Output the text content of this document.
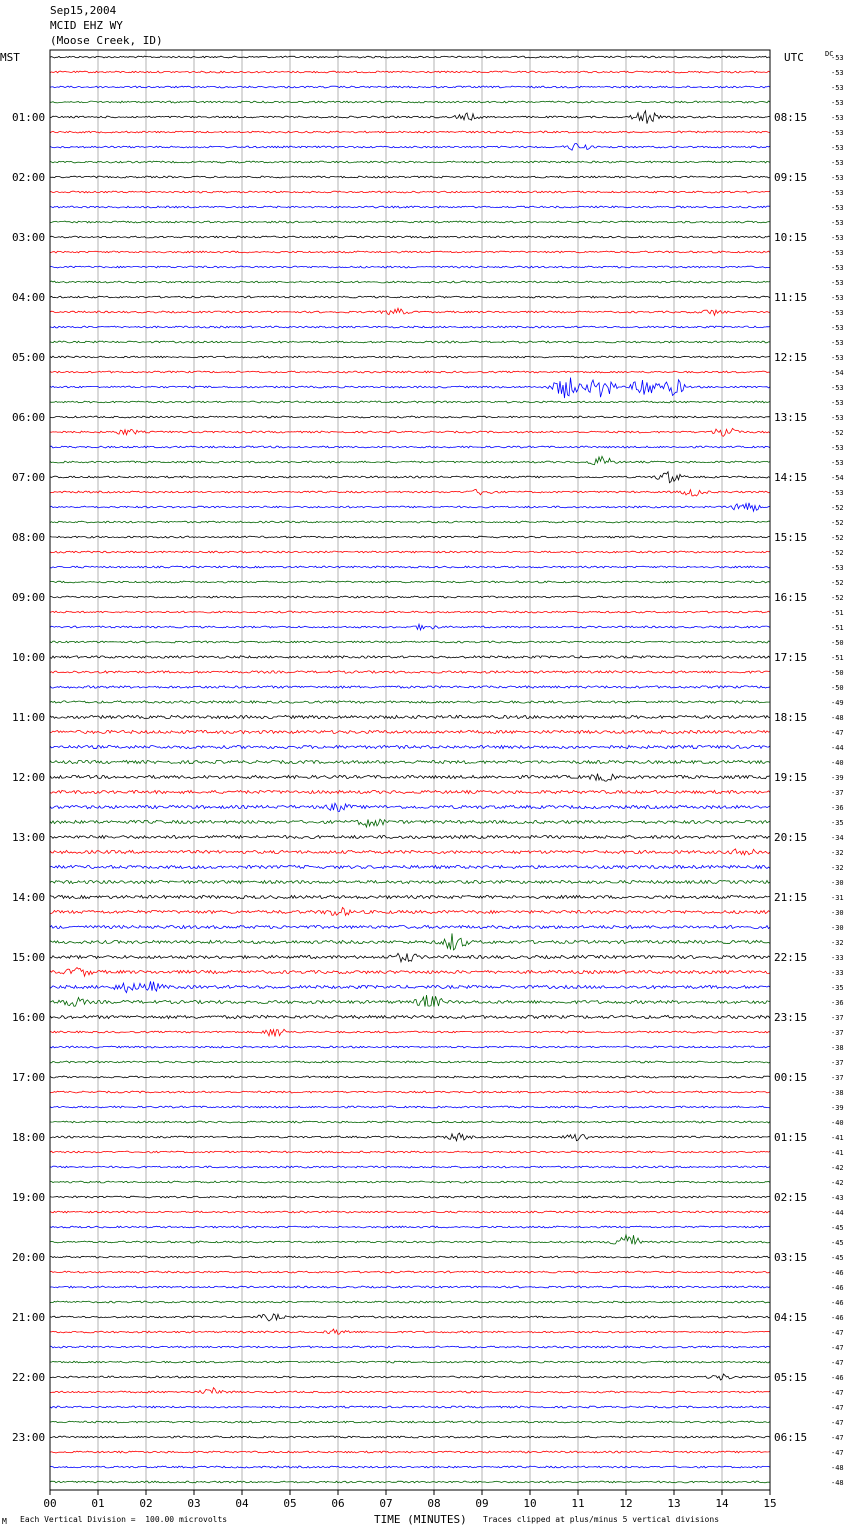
Sep15,2004
MCID EHZ WY
(Moose Creek, ID)
00	01	02	03	04	05	06	07	08	09	10	11	12	13	14	15
-53
-53
-53
-53
-53
-53
-53
-53
-53
-53
-53
-53
-53
-53
-53
-53
-53
-53
-53
-53
-53
-54
-53
-53
-53
-52
-53
-53
-54
-53
-52
-52
-52
-52
-53
-52
-52
-51
-51
-50
-51
-50
-50
-49
-48
-47
-44
-40
-39
-37
-36
-35
-34
-32
-32
-30
-31
-30
-30
-32
-33
-33
-35
-36
-37
-37
-38
-37
-37
-38
-39
-40
-41
-41
-42
-42
-43
-44
-45
-45
-45
-46
-46
-46
-46
-47
-47
-47
-46
-47
-47
-47
-47
-47
-48
-48
01:00
02:00
03:00
04:00
05:00
06:00
07:00
08:00
09:00
10:00
11:00
12:00
13:00
14:00
15:00
16:00
17:00
18:00
19:00
20:00
21:00
22:00
23:00
08:15
09:15
10:15
11:15
12:15
13:15
14:15
15:15
16:15
17:15
18:15
19:15
20:15
21:15
22:15
23:15
00:15
01:15
02:15
03:15
04:15
05:15
06:15
MST	UTC	DC
TIME (MINUTES)
M Each Vertical Division =  100.00 microvolts	Traces clipped at plus/minus 5 vertical divisions
